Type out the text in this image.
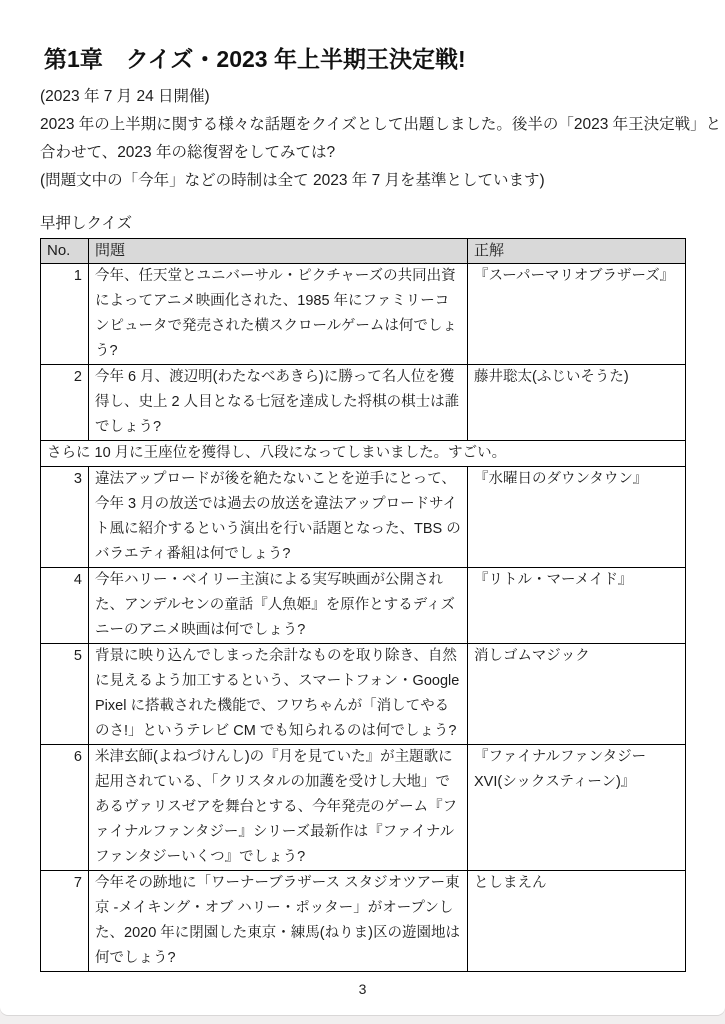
第1章　クイズ・2023 年上半期王決定戦!
(2023 年 7 月 24 日開催)
2023 年の上半期に関する様々な話題をクイズとして出題しました。後半の「2023 年王決定戦」と
合わせて、2023 年の総復習をしてみては?
(問題文中の「今年」などの時制は全て 2023 年 7 月を基準としています)
早押しクイズ
No.	問題	正解
1	今年、任天堂とユニバーサル・ピクチャーズの共同出資によってアニメ映画化された、1985 年にファミリーコンピュータで発売された横スクロールゲームは何でしょう?	『スーパーマリオブラザーズ』
2	今年 6 月、渡辺明(わたなべあきら)に勝って名人位を獲得し、史上 2 人目となる七冠を達成した将棋の棋士は誰でしょう?	藤井聡太(ふじいそうた)
さらに 10 月に王座位を獲得し、八段になってしまいました。すごい。		
3	違法アップロードが後を絶たないことを逆手にとって、今年 3 月の放送では過去の放送を違法アップロードサイト風に紹介するという演出を行い話題となった、TBS のバラエティ番組は何でしょう?	『水曜日のダウンタウン』
4	今年ハリー・ベイリー主演による実写映画が公開された、アンデルセンの童話『人魚姫』を原作とするディズニーのアニメ映画は何でしょう?	『リトル・マーメイド』
5	背景に映り込んでしまった余計なものを取り除き、自然に見えるよう加工するという、スマートフォン・Google Pixel に搭載された機能で、フワちゃんが「消してやるのさ!」というテレビ CM でも知られるのは何でしょう?	消しゴムマジック
6	米津玄師(よねづけんし)の『月を見ていた』が主題歌に起用されている、「クリスタルの加護を受けし大地」であるヴァリスゼアを舞台とする、今年発売のゲーム『ファイナルファンタジー』シリーズ最新作は『ファイナルファンタジーいくつ』でしょう?	『ファイナルファンタジーXVI(シックスティーン)』
7	今年その跡地に「ワーナーブラザース スタジオツアー東京 -メイキング・オブ ハリー・ポッター」がオープンした、2020 年に閉園した東京・練馬(ねりま)区の遊園地は何でしょう?	としまえん
3
